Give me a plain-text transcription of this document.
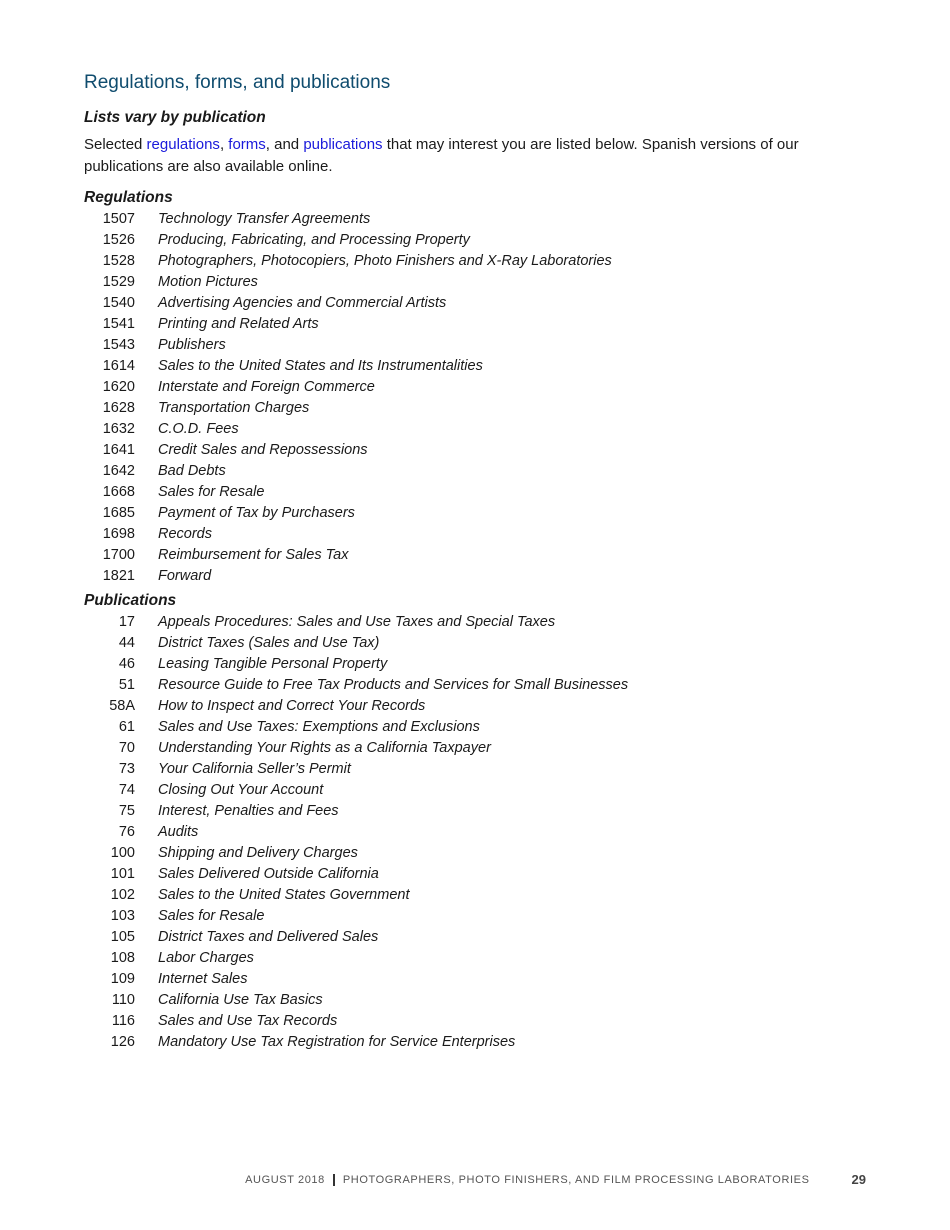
Regulations, forms, and publications
Lists vary by publication

Selected regulations, forms, and publications that may interest you are listed below. Spanish versions of our publications are also available online.

Regulations
1507 Technology Transfer Agreements
1526 Producing, Fabricating, and Processing Property
1528 Photographers, Photocopiers, Photo Finishers and X-Ray Laboratories
1529 Motion Pictures
1540 Advertising Agencies and Commercial Artists
1541 Printing and Related Arts
1543 Publishers
1614 Sales to the United States and Its Instrumentalities
1620 Interstate and Foreign Commerce
1628 Transportation Charges
1632 C.O.D. Fees
1641 Credit Sales and Repossessions
1642 Bad Debts
1668 Sales for Resale
1685 Payment of Tax by Purchasers
1698 Records
1700 Reimbursement for Sales Tax
1821 Forward
Publications
17 Appeals Procedures: Sales and Use Taxes and Special Taxes
44 District Taxes (Sales and Use Tax)
46 Leasing Tangible Personal Property
51 Resource Guide to Free Tax Products and Services for Small Businesses
58A How to Inspect and Correct Your Records
61 Sales and Use Taxes: Exemptions and Exclusions
70 Understanding Your Rights as a California Taxpayer
73 Your California Seller’s Permit
74 Closing Out Your Account
75 Interest, Penalties and Fees
76 Audits
100 Shipping and Delivery Charges
101 Sales Delivered Outside California
102 Sales to the United States Government
103 Sales for Resale
105 District Taxes and Delivered Sales
108 Labor Charges
109 Internet Sales
110 California Use Tax Basics
116 Sales and Use Tax Records
126 Mandatory Use Tax Registration for Service Enterprises
AUGUST 2018 PHOTOGRAPHERS, PHOTO FINISHERS, AND FILM PROCESSING LABORATORIES	29
